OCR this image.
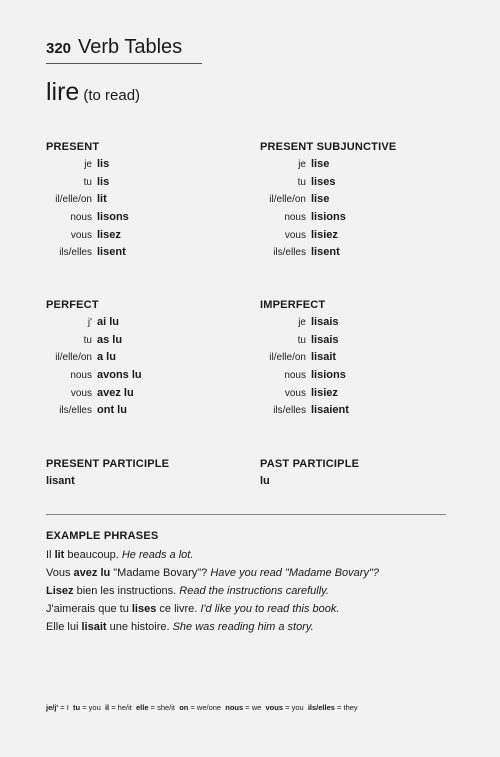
320 Verb Tables
lire (to read)
PRESENT
je lis
tu lis
il/elle/on lit
nous lisons
vous lisez
ils/elles lisent
PRESENT SUBJUNCTIVE
je lise
tu lises
il/elle/on lise
nous lisions
vous lisiez
ils/elles lisent
PERFECT
j' ai lu
tu as lu
il/elle/on a lu
nous avons lu
vous avez lu
ils/elles ont lu
IMPERFECT
je lisais
tu lisais
il/elle/on lisait
nous lisions
vous lisiez
ils/elles lisaient
PRESENT PARTICIPLE
lisant
PAST PARTICIPLE
lu
EXAMPLE PHRASES
Il lit beaucoup. He reads a lot.
Vous avez lu "Madame Bovary"? Have you read "Madame Bovary"?
Lisez bien les instructions. Read the instructions carefully.
J'aimerais que tu lises ce livre. I'd like you to read this book.
Elle lui lisait une histoire. She was reading him a story.
je/j' = I  tu = you  il = he/it  elle = she/it  on = we/one  nous = we  vous = you  ils/elles = they
